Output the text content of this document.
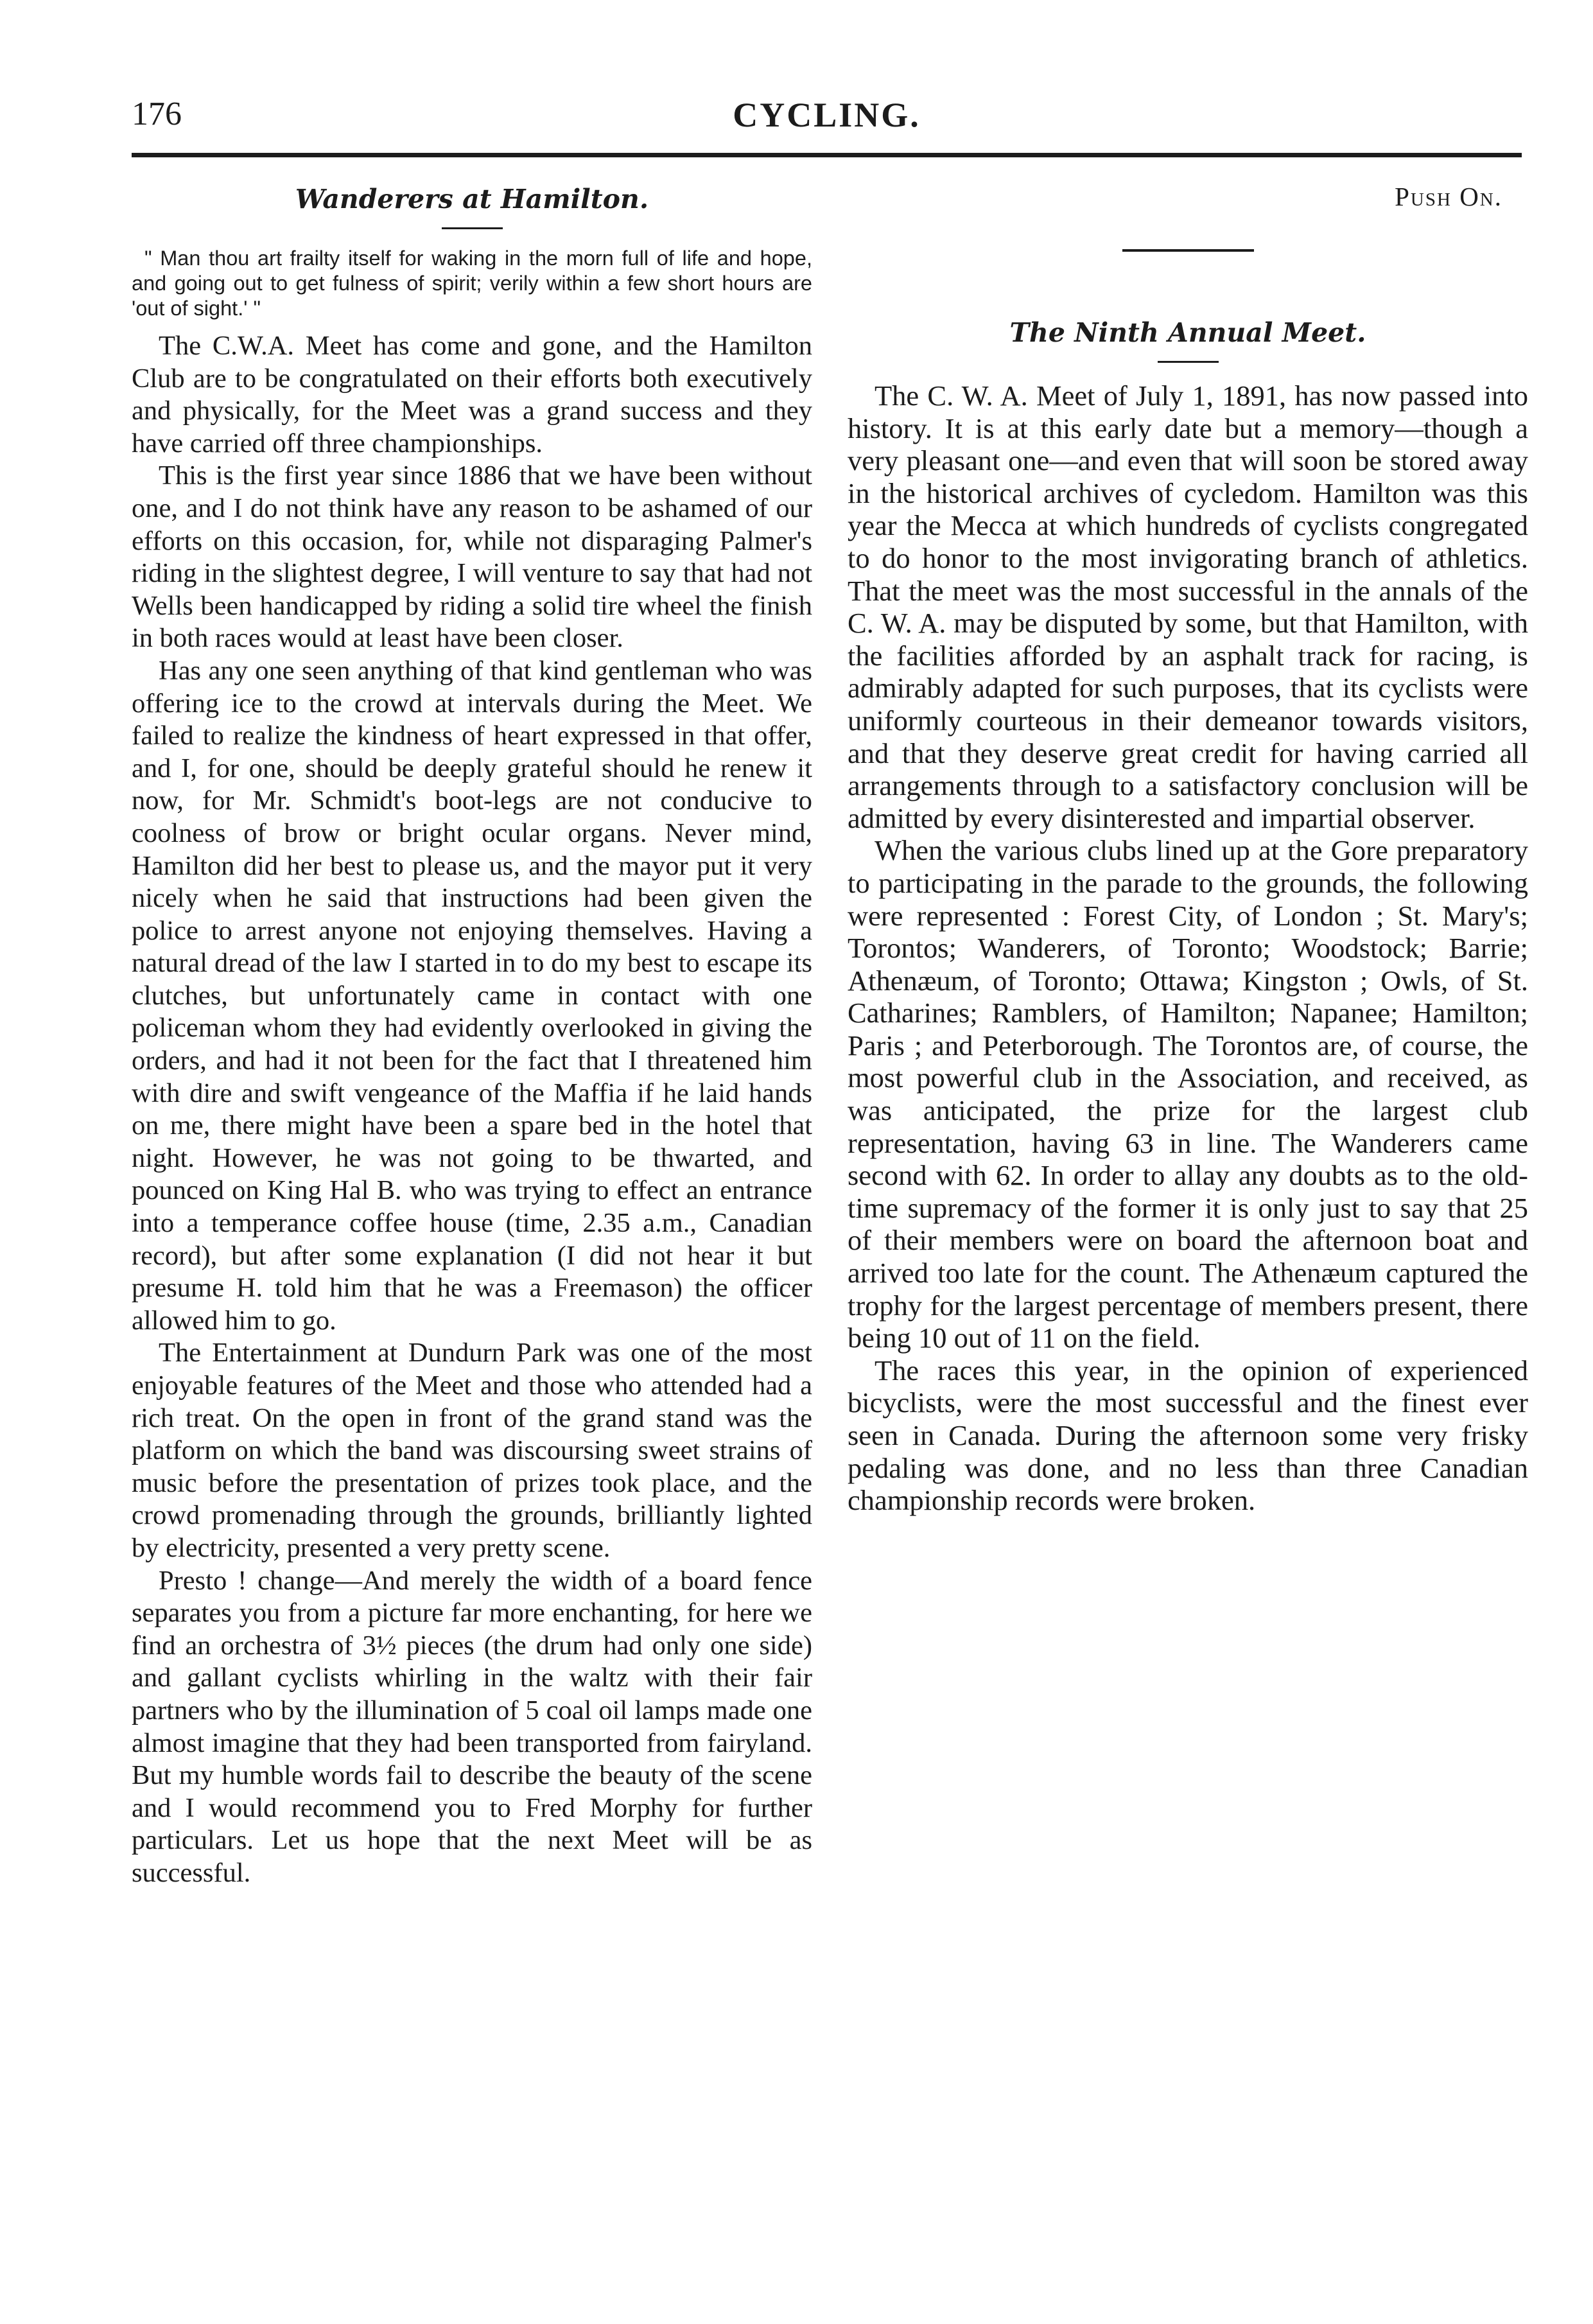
176	CYCLING.
Wanderers at Hamilton.

" Man thou art frailty itself for waking in the morn full of life and hope, and going out to get fulness of spirit; verily within a few short hours are 'out of sight.' "

The C.W.A. Meet has come and gone, and the Hamilton Club are to be congratulated on their efforts both executively and physically, for the Meet was a grand success and they have carried off three championships.

This is the first year since 1886 that we have been without one, and I do not think have any reason to be ashamed of our efforts on this occasion, for, while not disparaging Palmer's riding in the slightest degree, I will venture to say that had not Wells been handicapped by riding a solid tire wheel the finish in both races would at least have been closer.

Has any one seen anything of that kind gentleman who was offering ice to the crowd at intervals during the Meet. We failed to realize the kindness of heart expressed in that offer, and I, for one, should be deeply grateful should he renew it now, for Mr. Schmidt's boot-legs are not conducive to coolness of brow or bright ocular organs. Never mind, Hamilton did her best to please us, and the mayor put it very nicely when he said that instructions had been given the police to arrest anyone not enjoying themselves. Having a natural dread of the law I started in to do my best to escape its clutches, but unfortunately came in contact with one policeman whom they had evidently overlooked in giving the orders, and had it not been for the fact that I threatened him with dire and swift vengeance of the Maffia if he laid hands on me, there might have been a spare bed in the hotel that night. However, he was not going to be thwarted, and pounced on King Hal B. who was trying to effect an entrance into a temperance coffee house (time, 2.35 a.m., Canadian record), but after some explanation (I did not hear it but presume H. told him that he was a Freemason) the officer allowed him to go.

The Entertainment at Dundurn Park was one of the most enjoyable features of the Meet and those who attended had a rich treat. On the open in front of the grand stand was the platform on which the band was discoursing sweet strains of music before the presentation of prizes took place, and the crowd promenading through the grounds, brilliantly lighted by electricity, presented a very pretty scene.

Presto ! change—And merely the width of a board fence separates you from a picture far more enchanting, for here we find an orchestra of 3½ pieces (the drum had only one side) and gallant cyclists whirling in the waltz with their fair partners who by the illumination of 5 coal oil lamps made one almost imagine that they had been transported from fairyland. But my humble words fail to describe the beauty of the scene and I would recommend you to Fred Morphy for further particulars. Let us hope that the next Meet will be as successful.

Push On.

The Ninth Annual Meet.

The C. W. A. Meet of July 1, 1891, has now passed into history. It is at this early date but a memory—though a very pleasant one—and even that will soon be stored away in the historical archives of cycledom. Hamilton was this year the Mecca at which hundreds of cyclists congregated to do honor to the most invigorating branch of athletics. That the meet was the most successful in the annals of the C. W. A. may be disputed by some, but that Hamilton, with the facilities afforded by an asphalt track for racing, is admirably adapted for such purposes, that its cyclists were uniformly courteous in their demeanor towards visitors, and that they deserve great credit for having carried all arrangements through to a satisfactory conclusion will be admitted by every disinterested and impartial observer.

When the various clubs lined up at the Gore preparatory to participating in the parade to the grounds, the following were represented : Forest City, of London ; St. Mary's; Torontos; Wanderers, of Toronto; Woodstock; Barrie; Athenæum, of Toronto; Ottawa; Kingston ; Owls, of St. Catharines; Ramblers, of Hamilton; Napanee; Hamilton; Paris ; and Peterborough. The Torontos are, of course, the most powerful club in the Association, and received, as was anticipated, the prize for the largest club representation, having 63 in line. The Wanderers came second with 62. In order to allay any doubts as to the old-time supremacy of the former it is only just to say that 25 of their members were on board the afternoon boat and arrived too late for the count. The Athenæum captured the trophy for the largest percentage of members present, there being 10 out of 11 on the field.

The races this year, in the opinion of experienced bicyclists, were the most successful and the finest ever seen in Canada. During the afternoon some very frisky pedaling was done, and no less than three Canadian championship records were broken.
